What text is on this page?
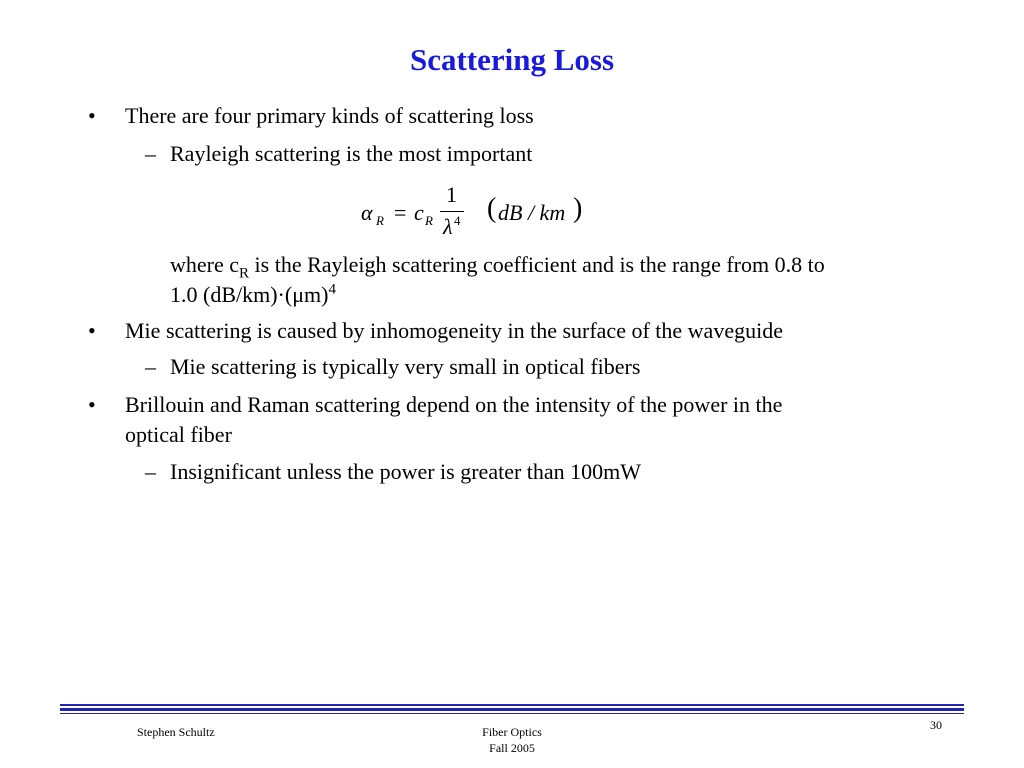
Scattering Loss
• There are four primary kinds of scattering loss
– Rayleigh scattering is the most important
α R = c R
1
λ 4 ( dB / km )
where $c_R$ is the Rayleigh scattering coefficient and is the range from 0.8 to
1.0 $(dB/km)\cdot(\mu m)^4$
• Mie scattering is caused by inhomogeneity in the surface of the waveguide
– Mie scattering is typically very small in optical fibers
• Brillouin and Raman scattering depend on the intensity of the power in the
optical fiber
– Insignificant unless the power is greater than 100mW
30
Stephen Schultz	Fiber Optics
Fall 2005
